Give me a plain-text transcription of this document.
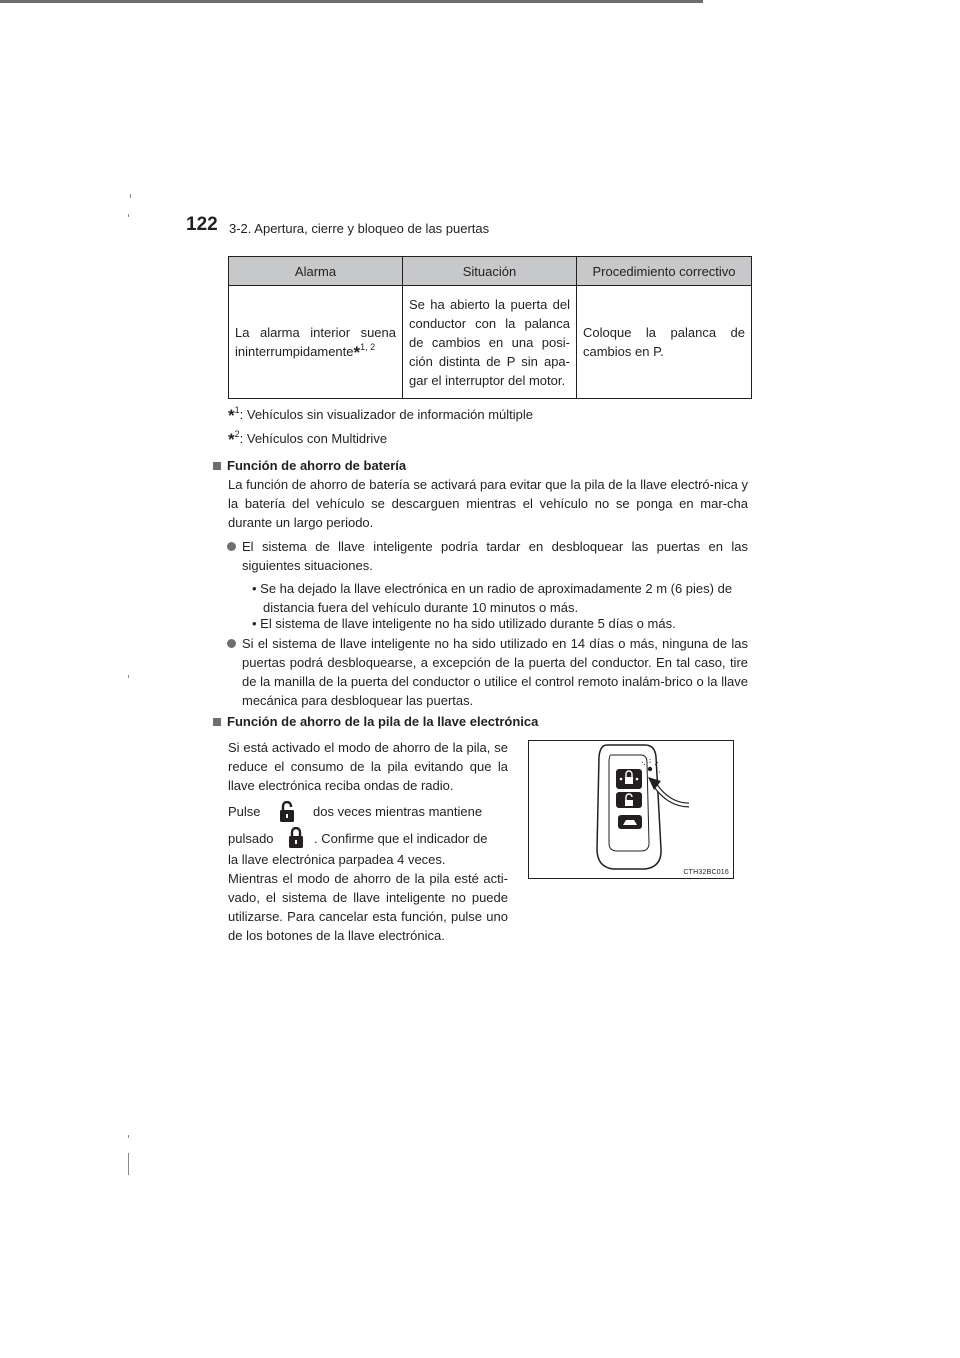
122 3-2. Apertura, cierre y bloqueo de las puertas
Alarma	Situación	Procedimiento correctivo
La alarma interior suena ininterrumpidamente*$^{1, 2}$	Se ha abierto la puerta del conductor con la palanca de cambios en una posi-ción distinta de P sin apa-gar el interruptor del motor.	Coloque la palanca de cambios en P.
*$^1$: Vehículos sin visualizador de información múltiple
*$^2$: Vehículos con Multidrive
Función de ahorro de batería
La función de ahorro de batería se activará para evitar que la pila de la llave electró-nica y la batería del vehículo se descarguen mientras el vehículo no se ponga en mar-cha durante un largo periodo.
El sistema de llave inteligente podría tardar en desbloquear las puertas en las siguientes situaciones.
• Se ha dejado la llave electrónica en un radio de aproximadamente 2 m (6 pies) de distancia fuera del vehículo durante 10 minutos o más.
• El sistema de llave inteligente no ha sido utilizado durante 5 días o más.
Si el sistema de llave inteligente no ha sido utilizado en 14 días o más, ninguna de las puertas podrá desbloquearse, a excepción de la puerta del conductor. En tal caso, tire de la manilla de la puerta del conductor o utilice el control remoto inalám-brico o la llave mecánica para desbloquear las puertas.
Función de ahorro de la pila de la llave electrónica
Si está activado el modo de ahorro de la pila, se reduce el consumo de la pila evitando que la llave electrónica reciba ondas de radio.
Pulse	dos veces mientras mantiene
pulsado	. Confirme que el indicador de
la llave electrónica parpadea 4 veces.
Mientras el modo de ahorro de la pila esté acti-vado, el sistema de llave inteligente no puede utilizarse. Para cancelar esta función, pulse uno de los botones de la llave electrónica.
CTH32BC016
